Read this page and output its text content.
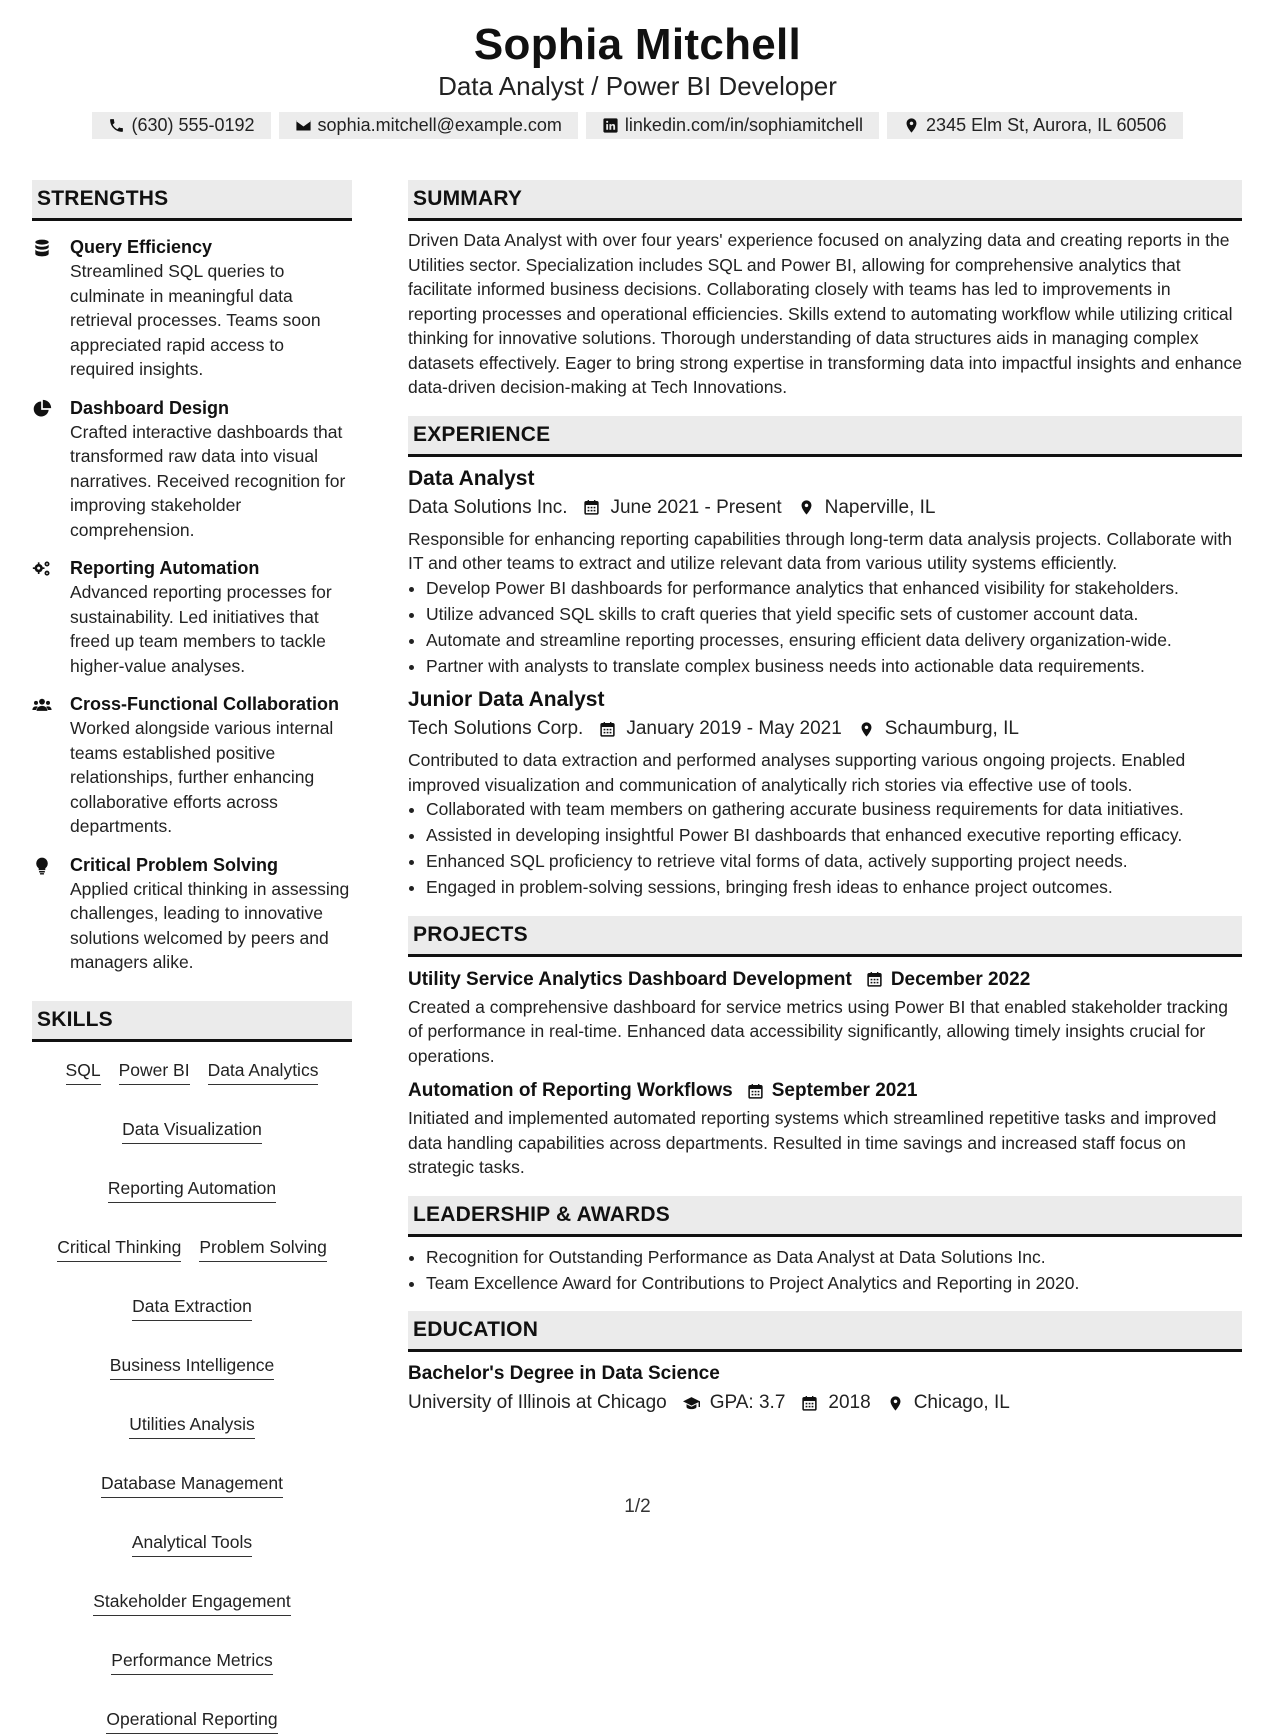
Sophia Mitchell
Data Analyst / Power BI Developer
(630) 555-0192	sophia.mitchell@example.com	linkedin.com/in/sophiamitchell	2345 Elm St, Aurora, IL 60506
STRENGTHS
Query Efficiency
Streamlined SQL queries to culminate in meaningful data retrieval processes. Teams soon appreciated rapid access to required insights.
Dashboard Design
Crafted interactive dashboards that transformed raw data into visual narratives. Received recognition for improving stakeholder comprehension.
Reporting Automation
Advanced reporting processes for sustainability. Led initiatives that freed up team members to tackle higher-value analyses.
Cross-Functional Collaboration
Worked alongside various internal teams established positive relationships, further enhancing collaborative efforts across departments.
Critical Problem Solving
Applied critical thinking in assessing challenges, leading to innovative solutions welcomed by peers and managers alike.
SKILLS
SQL Power BI Data Analytics
Data Visualization
Reporting Automation
Critical Thinking Problem Solving
Data Extraction
Business Intelligence
Utilities Analysis
Database Management
Analytical Tools
Stakeholder Engagement
Performance Metrics
Operational Reporting
SUMMARY

Driven Data Analyst with over four years' experience focused on analyzing data and creating reports in the Utilities sector. Specialization includes SQL and Power BI, allowing for comprehensive analytics that facilitate informed business decisions. Collaborating closely with teams has led to improvements in reporting processes and operational efficiencies. Skills extend to automating workflow while utilizing critical thinking for innovative solutions. Thorough understanding of data structures aids in managing complex datasets effectively. Eager to bring strong expertise in transforming data into impactful insights and enhance data-driven decision-making at Tech Innovations.

EXPERIENCE
Data Analyst
Data Solutions Inc. June 2021 - Present Naperville, IL

Responsible for enhancing reporting capabilities through long-term data analysis projects. Collaborate with IT and other teams to extract and utilize relevant data from various utility systems efficiently.

• Develop Power BI dashboards for performance analytics that enhanced visibility for stakeholders.
• Utilize advanced SQL skills to craft queries that yield specific sets of customer account data.
• Automate and streamline reporting processes, ensuring efficient data delivery organization-wide.
• Partner with analysts to translate complex business needs into actionable data requirements.
Junior Data Analyst
Tech Solutions Corp. January 2019 - May 2021 Schaumburg, IL

Contributed to data extraction and performed analyses supporting various ongoing projects. Enabled improved visualization and communication of analytically rich stories via effective use of tools.

• Collaborated with team members on gathering accurate business requirements for data initiatives.
• Assisted in developing insightful Power BI dashboards that enhanced executive reporting efficacy.
• Enhanced SQL proficiency to retrieve vital forms of data, actively supporting project needs.
• Engaged in problem-solving sessions, bringing fresh ideas to enhance project outcomes.
PROJECTS
Utility Service Analytics Dashboard Development December 2022

Created a comprehensive dashboard for service metrics using Power BI that enabled stakeholder tracking of performance in real-time. Enhanced data accessibility significantly, allowing timely insights crucial for operations.

Automation of Reporting Workflows September 2021

Initiated and implemented automated reporting systems which streamlined repetitive tasks and improved data handling capabilities across departments. Resulted in time savings and increased staff focus on strategic tasks.

LEADERSHIP & AWARDS
• Recognition for Outstanding Performance as Data Analyst at Data Solutions Inc.
• Team Excellence Award for Contributions to Project Analytics and Reporting in 2020.
EDUCATION
Bachelor's Degree in Data Science
University of Illinois at Chicago GPA: 3.7 2018 Chicago, IL
1/2
